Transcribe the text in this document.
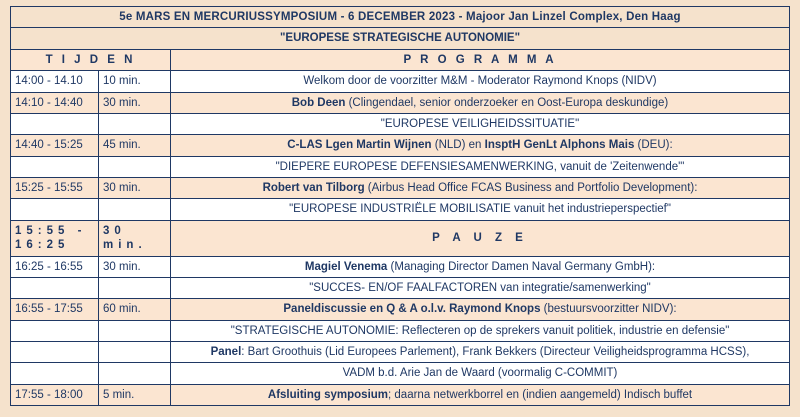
5e MARS EN MERCURIUSSYMPOSIUM - 6 DECEMBER 2023 - Majoor Jan Linzel Complex, Den Haag		
"EUROPESE STRATEGISCHE AUTONOMIE"		
T I J D E N		P R O G R A M M A
14:00 - 14.10	10 min.	Welkom door de voorzitter M&M - Moderator Raymond Knops (NIDV)
14:10 - 14:40	30 min.	Bob Deen (Clingendael, senior onderzoeker en Oost-Europa deskundige)
		"EUROPESE VEILIGHEIDSSITUATIE"
14:40 - 15:25	45 min.	C-LAS Lgen Martin Wijnen (NLD) en InsptH GenLt Alphons Mais (DEU):
		"DIEPERE EUROPESE DEFENSIESAMENWERKING, vanuit de 'Zeitenwende'"
15:25 - 15:55	30 min.	Robert van Tilborg (Airbus Head Office FCAS Business and Portfolio Development):
		"EUROPESE INDUSTRIËLE MOBILISATIE vanuit het industrieperspectief"
15:55 - 16:25	30 min.	P A U Z E
16:25 - 16:55	30 min.	Magiel Venema (Managing Director Damen Naval Germany GmbH):
		"SUCCES- EN/OF FAALFACTOREN van integratie/samenwerking"
16:55 - 17:55	60 min.	Paneldiscussie en Q & A o.l.v. Raymond Knops (bestuursvoorzitter NIDV):
		"STRATEGISCHE AUTONOMIE: Reflecteren op de sprekers vanuit politiek, industrie en defensie"
		Panel: Bart Groothuis (Lid Europees Parlement), Frank Bekkers (Directeur Veiligheidsprogramma HCSS),
		VADM b.d. Arie Jan de Waard (voormalig C-COMMIT)
17:55 - 18:00	5 min.	Afsluiting symposium; daarna netwerkborrel en (indien aangemeld) Indisch buffet
